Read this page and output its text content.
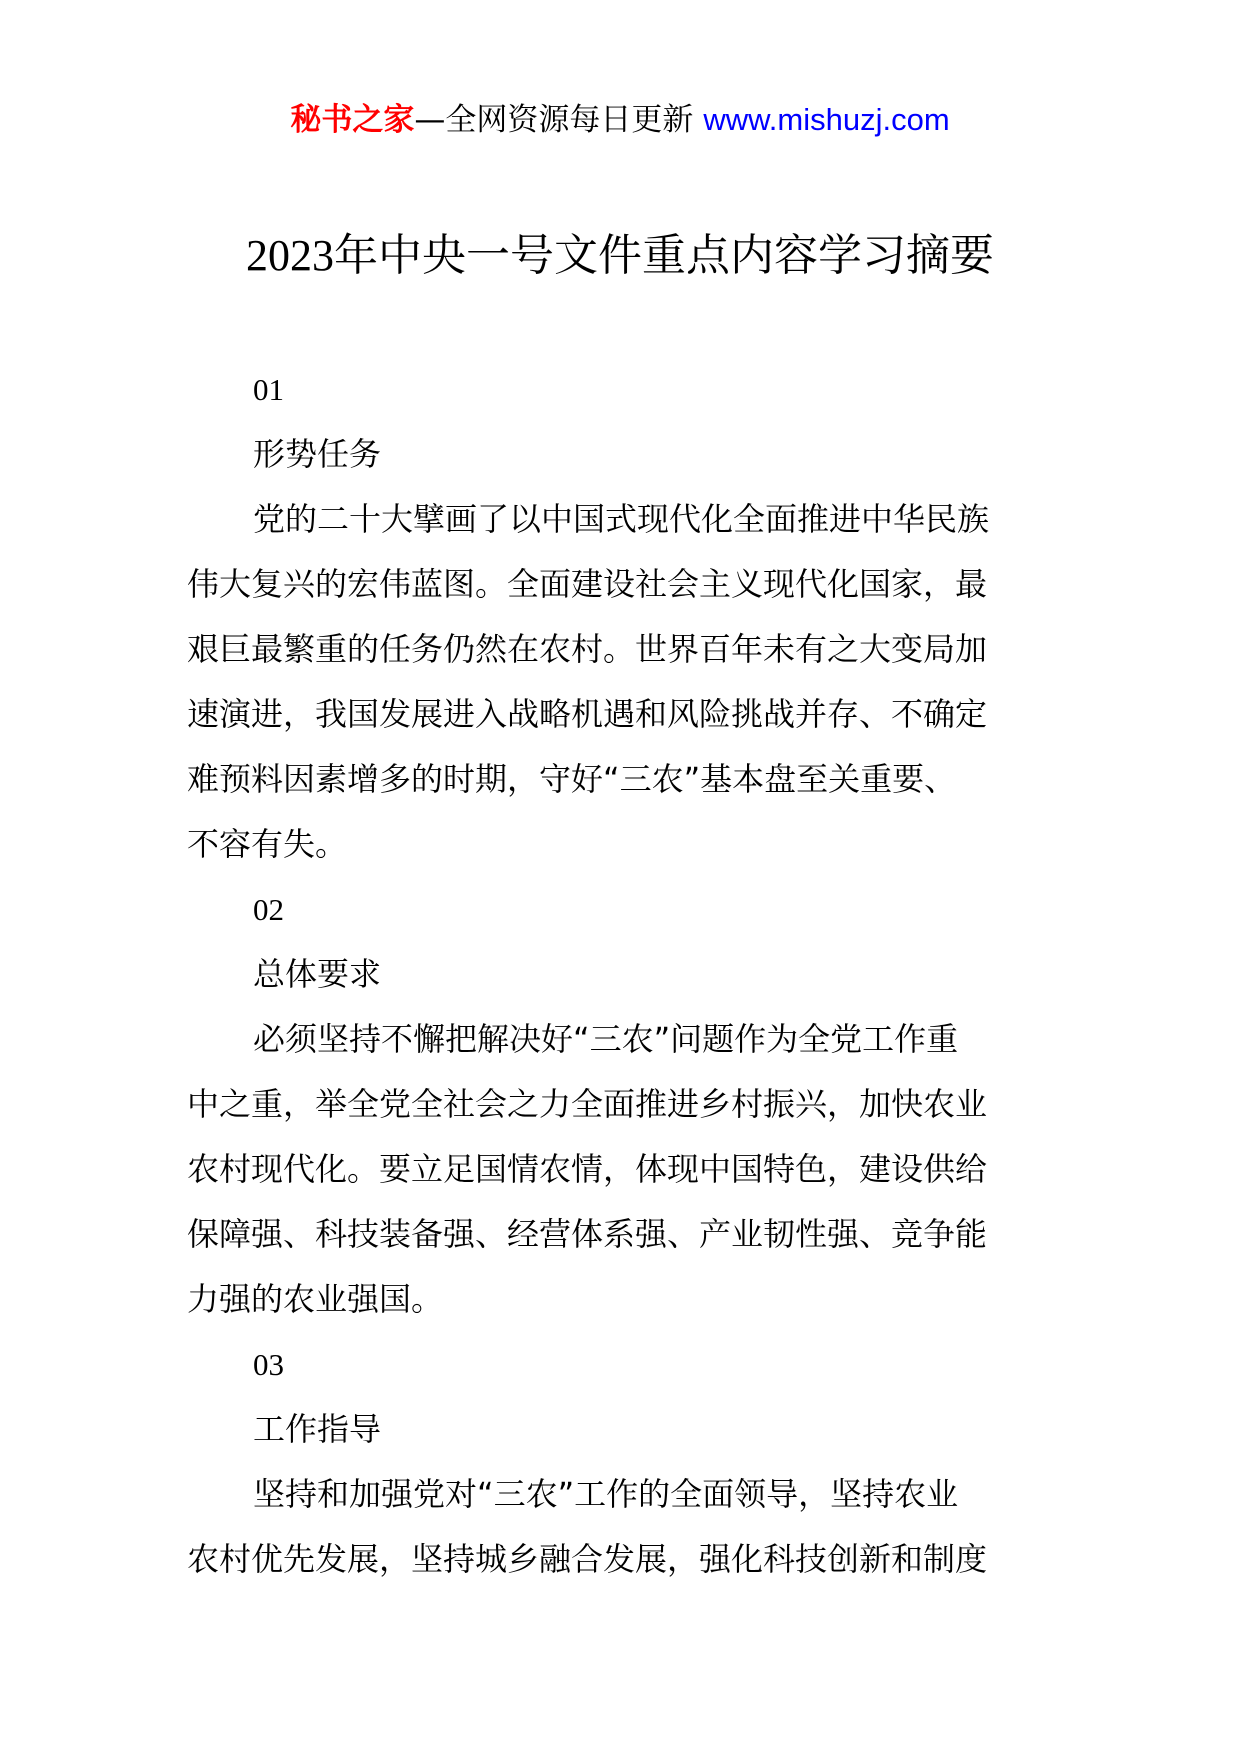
秘书之家—全网资源每日更新 www.mishuzj.com
2023年中央一号文件重点内容学习摘要
01
形势任务
党的二十大擘画了以中国式现代化全面推进中华民族
伟大复兴的宏伟蓝图。全面建设社会主义现代化国家，最
艰巨最繁重的任务仍然在农村。世界百年未有之大变局加
速演进，我国发展进入战略机遇和风险挑战并存、不确定
难预料因素增多的时期，守好“三农”基本盘至关重要、
不容有失。
02
总体要求
必须坚持不懈把解决好“三农”问题作为全党工作重
中之重，举全党全社会之力全面推进乡村振兴，加快农业
农村现代化。要立足国情农情，体现中国特色，建设供给
保障强、科技装备强、经营体系强、产业韧性强、竞争能
力强的农业强国。
03
工作指导
坚持和加强党对“三农”工作的全面领导，坚持农业
农村优先发展，坚持城乡融合发展，强化科技创新和制度
